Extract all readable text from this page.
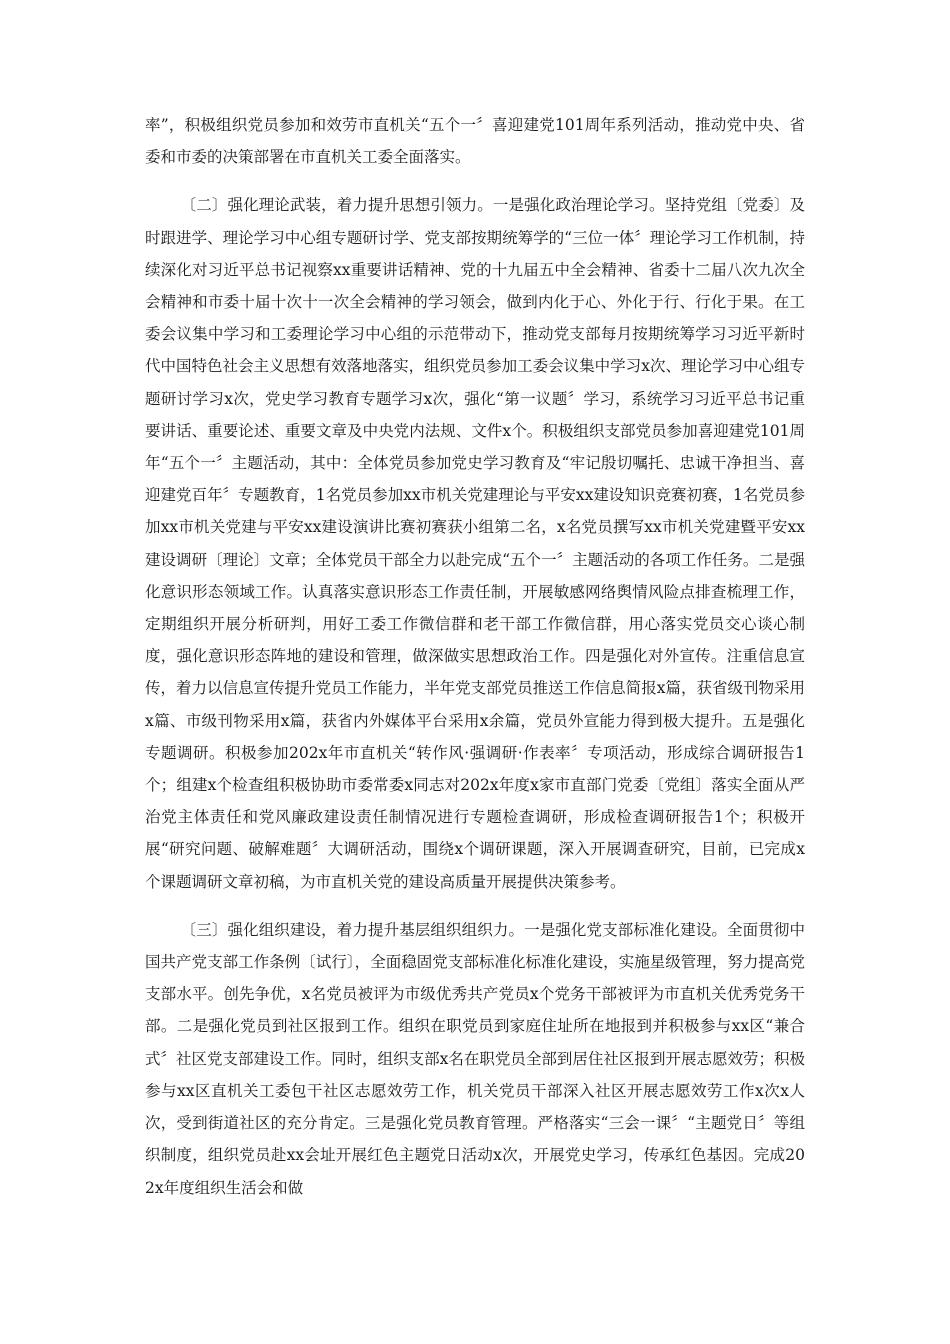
率”，积极组织党员参加和效劳市直机关“五个一〞喜迎建党101周年系列活动，推动党中央、省委和市委的决策部署在市直机关工委全面落实。

〔二〕强化理论武装，着力提升思想引领力。一是强化政治理论学习。坚持党组〔党委〕及时跟进学、理论学习中心组专题研讨学、党支部按期统筹学的“三位一体〞理论学习工作机制，持续深化对习近平总书记视察xx重要讲话精神、党的十九届五中全会精神、省委十二届八次九次全会精神和市委十届十次十一次全会精神的学习领会，做到内化于心、外化于行、行化于果。在工委会议集中学习和工委理论学习中心组的示范带动下，推动党支部每月按期统筹学习习近平新时代中国特色社会主义思想有效落地落实，组织党员参加工委会议集中学习x次、理论学习中心组专题研讨学习x次，党史学习教育专题学习x次，强化“第一议题〞学习，系统学习习近平总书记重要讲话、重要论述、重要文章及中央党内法规、文件x个。积极组织支部党员参加喜迎建党101周年“五个一〞主题活动，其中：全体党员参加党史学习教育及“牢记殷切嘱托、忠诚干净担当、喜迎建党百年〞专题教育，1名党员参加xx市机关党建理论与平安xx建设知识竞赛初赛，1名党员参加xx市机关党建与平安xx建设演讲比赛初赛获小组第二名，x名党员撰写xx市机关党建暨平安xx建设调研〔理论〕文章；全体党员干部全力以赴完成“五个一〞主题活动的各项工作任务。二是强化意识形态领域工作。认真落实意识形态工作责任制，开展敏感网络舆情风险点排查梳理工作，定期组织开展分析研判，用好工委工作微信群和老干部工作微信群，用心落实党员交心谈心制度，强化意识形态阵地的建设和管理，做深做实思想政治工作。四是强化对外宣传。注重信息宣传，着力以信息宣传提升党员工作能力，半年党支部党员推送工作信息简报x篇，获省级刊物采用x篇、市级刊物采用x篇，获省内外媒体平台采用x余篇，党员外宣能力得到极大提升。五是强化专题调研。积极参加202x年市直机关“转作风·强调研·作表率〞专项活动，形成综合调研报告1个；组建x个检查组积极协助市委常委x同志对202x年度x家市直部门党委〔党组〕落实全面从严治党主体责任和党风廉政建设责任制情况进行专题检查调研，形成检查调研报告1个；积极开展“研究问题、破解难题〞大调研活动，围绕x个调研课题，深入开展调查研究，目前，已完成x个课题调研文章初稿，为市直机关党的建设高质量开展提供决策参考。

〔三〕强化组织建设，着力提升基层组织组织力。一是强化党支部标准化建设。全面贯彻中国共产党支部工作条例〔试行〕，全面稳固党支部标准化标准化建设，实施星级管理，努力提高党支部水平。创先争优，x名党员被评为市级优秀共产党员x个党务干部被评为市直机关优秀党务干部。二是强化党员到社区报到工作。组织在职党员到家庭住址所在地报到并积极参与xx区“兼合式〞社区党支部建设工作。同时，组织支部x名在职党员全部到居住社区报到开展志愿效劳；积极参与xx区直机关工委包干社区志愿效劳工作，机关党员干部深入社区开展志愿效劳工作x次x人次，受到街道社区的充分肯定。三是强化党员教育管理。严格落实“三会一课〞“主题党日〞等组织制度，组织党员赴xx会址开展红色主题党日活动x次，开展党史学习，传承红色基因。完成202x年度组织生活会和做
